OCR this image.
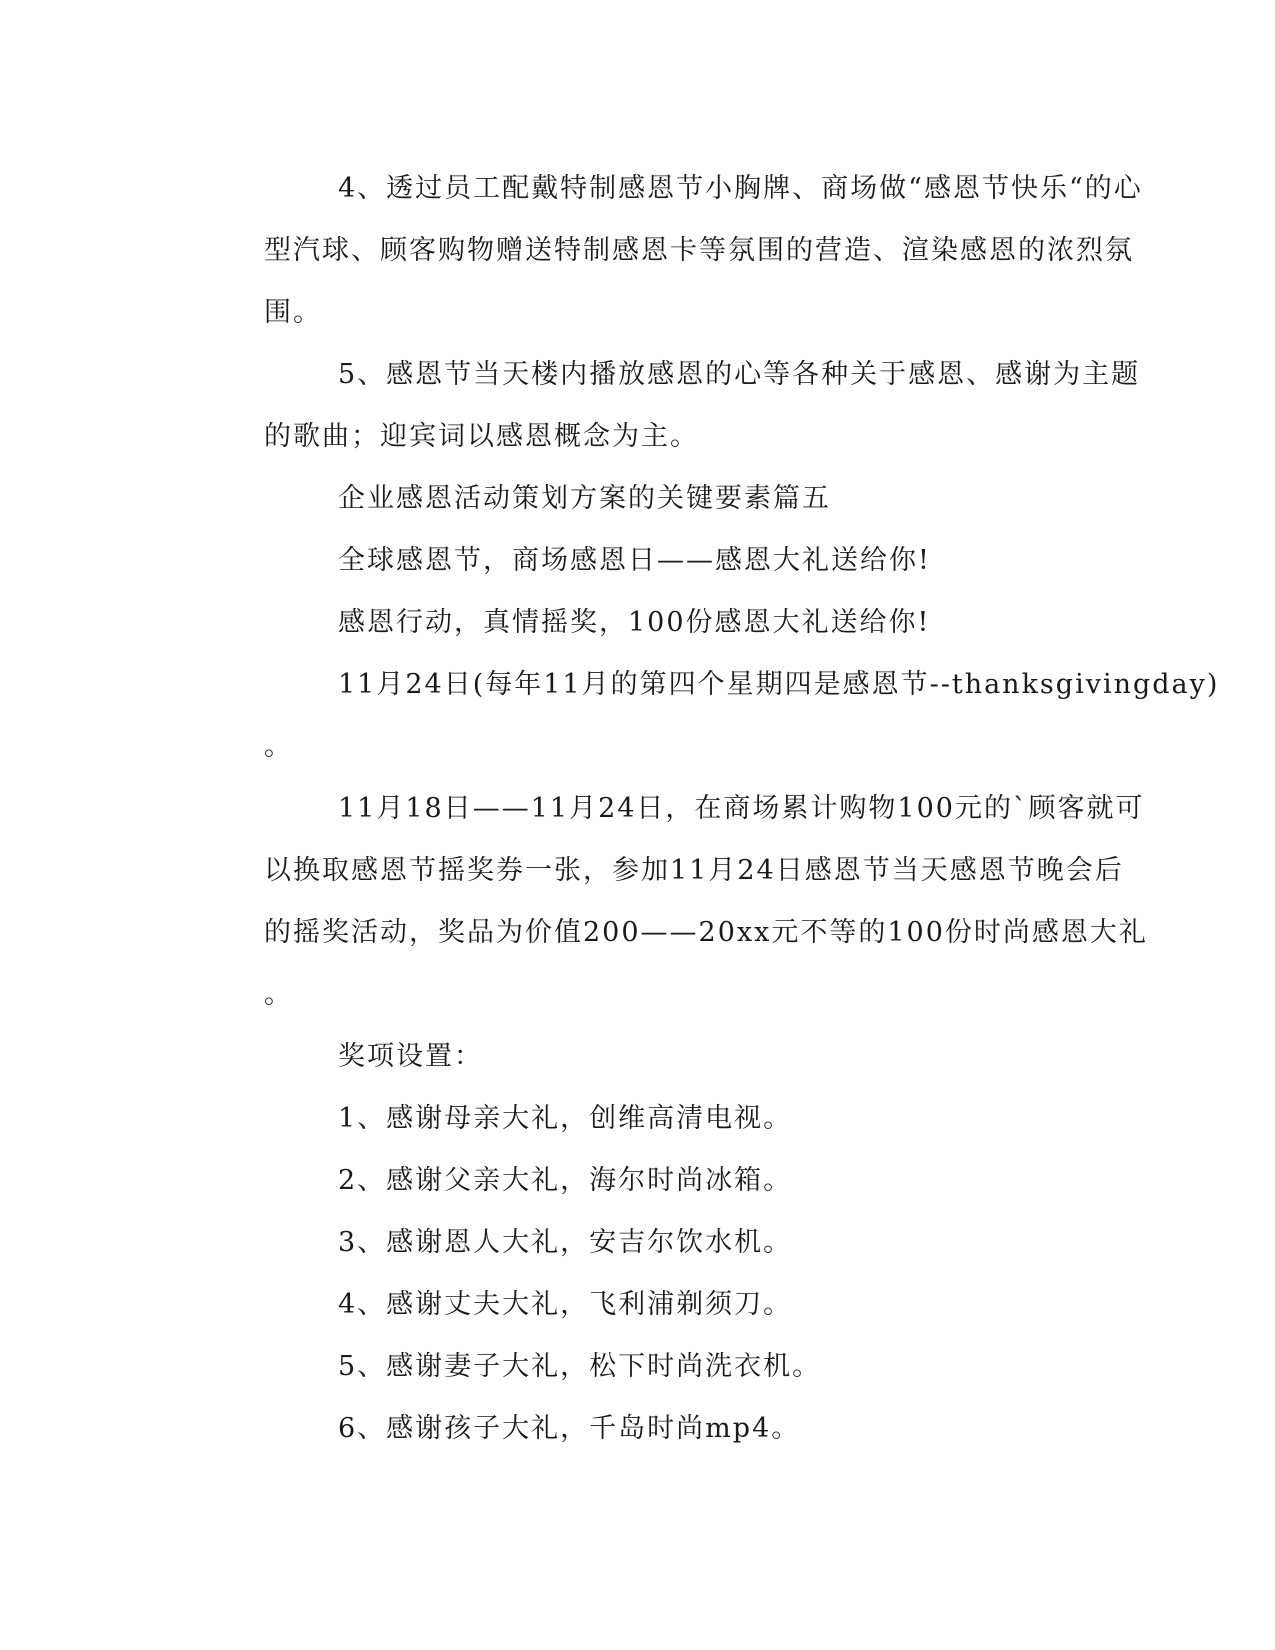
4、透过员工配戴特制感恩节小胸牌、商场做“感恩节快乐“的心
型汽球、顾客购物赠送特制感恩卡等氛围的营造、渲染感恩的浓烈氛
围。
5、感恩节当天楼内播放感恩的心等各种关于感恩、感谢为主题
的歌曲；迎宾词以感恩概念为主。
企业感恩活动策划方案的关键要素篇五
全球感恩节，商场感恩日——感恩大礼送给你!
感恩行动，真情摇奖，100份感恩大礼送给你!
11月24日(每年11月的第四个星期四是感恩节--thanksgivingday)
。
11月18日——11月24日，在商场累计购物100元的`顾客就可
以换取感恩节摇奖券一张，参加11月24日感恩节当天感恩节晚会后
的摇奖活动，奖品为价值200——20xx元不等的100份时尚感恩大礼
。
奖项设置：
1、感谢母亲大礼，创维高清电视。
2、感谢父亲大礼，海尔时尚冰箱。
3、感谢恩人大礼，安吉尔饮水机。
4、感谢丈夫大礼，飞利浦剃须刀。
5、感谢妻子大礼，松下时尚洗衣机。
6、感谢孩子大礼，千岛时尚mp4。
